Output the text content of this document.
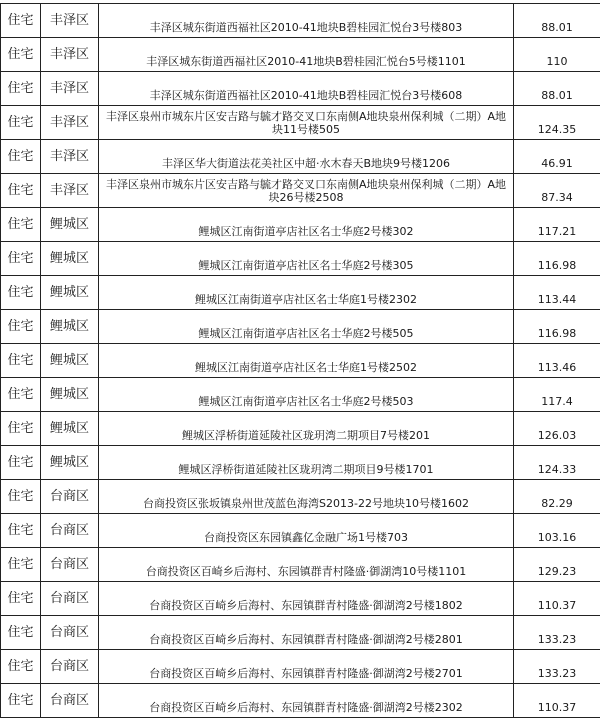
住宅	丰泽区	丰泽区城东街道西福社区2010-41地块B碧桂园汇悦台3号楼803	88.01
住宅	丰泽区	丰泽区城东街道西福社区2010-41地块B碧桂园汇悦台5号楼1101	110
住宅	丰泽区	丰泽区城东街道西福社区2010-41地块B碧桂园汇悦台3号楼608	88.01
住宅	丰泽区	丰泽区泉州市城东片区安吉路与毓才路交叉口东南侧A地块泉州保利城（二期）A地块11号楼505	124.35
住宅	丰泽区	丰泽区华大街道法花美社区中超·水木春天B地块9号楼1206	46.91
住宅	丰泽区	丰泽区泉州市城东片区安吉路与毓才路交叉口东南侧A地块泉州保利城（二期）A地块26号楼2508	87.34
住宅	鲤城区	鲤城区江南街道亭店社区名士华庭2号楼302	117.21
住宅	鲤城区	鲤城区江南街道亭店社区名士华庭2号楼305	116.98
住宅	鲤城区	鲤城区江南街道亭店社区名士华庭1号楼2302	113.44
住宅	鲤城区	鲤城区江南街道亭店社区名士华庭2号楼505	116.98
住宅	鲤城区	鲤城区江南街道亭店社区名士华庭1号楼2502	113.46
住宅	鲤城区	鲤城区江南街道亭店社区名士华庭2号楼503	117.4
住宅	鲤城区	鲤城区浮桥街道延陵社区珑玥湾二期项目7号楼201	126.03
住宅	鲤城区	鲤城区浮桥街道延陵社区珑玥湾二期项目9号楼1701	124.33
住宅	台商区	台商投资区张坂镇泉州世茂蓝色海湾S2013-22号地块10号楼1602	82.29
住宅	台商区	台商投资区东园镇鑫亿金融广场1号楼703	103.16
住宅	台商区	台商投资区百崎乡后海村、东园镇群青村隆盛·御湖湾10号楼1101	129.23
住宅	台商区	台商投资区百崎乡后海村、东园镇群青村隆盛·御湖湾2号楼1802	110.37
住宅	台商区	台商投资区百崎乡后海村、东园镇群青村隆盛·御湖湾2号楼2801	133.23
住宅	台商区	台商投资区百崎乡后海村、东园镇群青村隆盛·御湖湾2号楼2701	133.23
住宅	台商区	台商投资区百崎乡后海村、东园镇群青村隆盛·御湖湾2号楼2302	110.37
